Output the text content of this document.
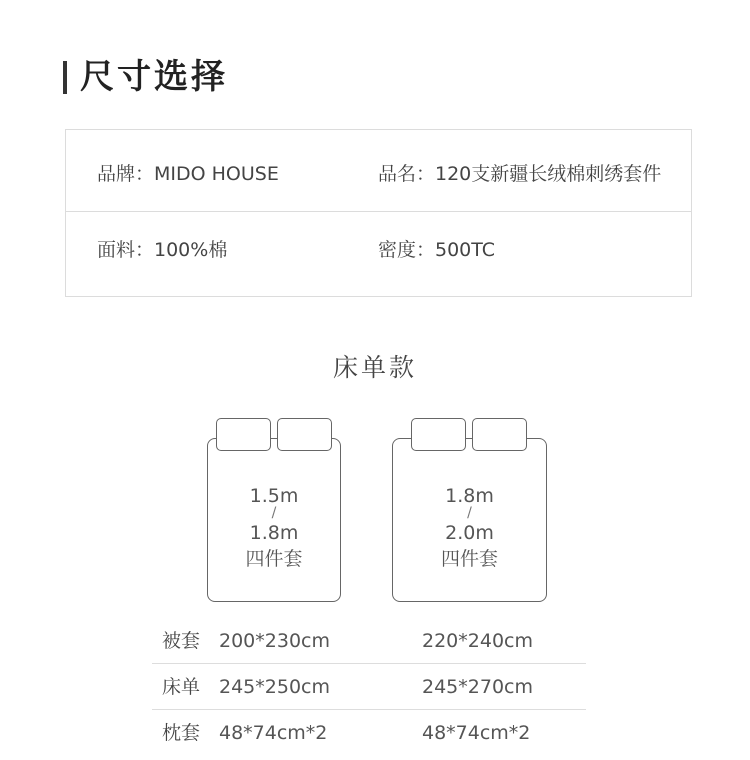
尺寸选择
品牌：MIDO HOUSE	品名：120支新疆长绒棉刺绣套件
面料：100%棉	密度：500TC
床单款
1.5m
/
1.8m
四件套
1.8m
/
2.0m
四件套
被套 200*230cm	220*240cm
床单 245*250cm	245*270cm
枕套 48*74cm*2	48*74cm*2
